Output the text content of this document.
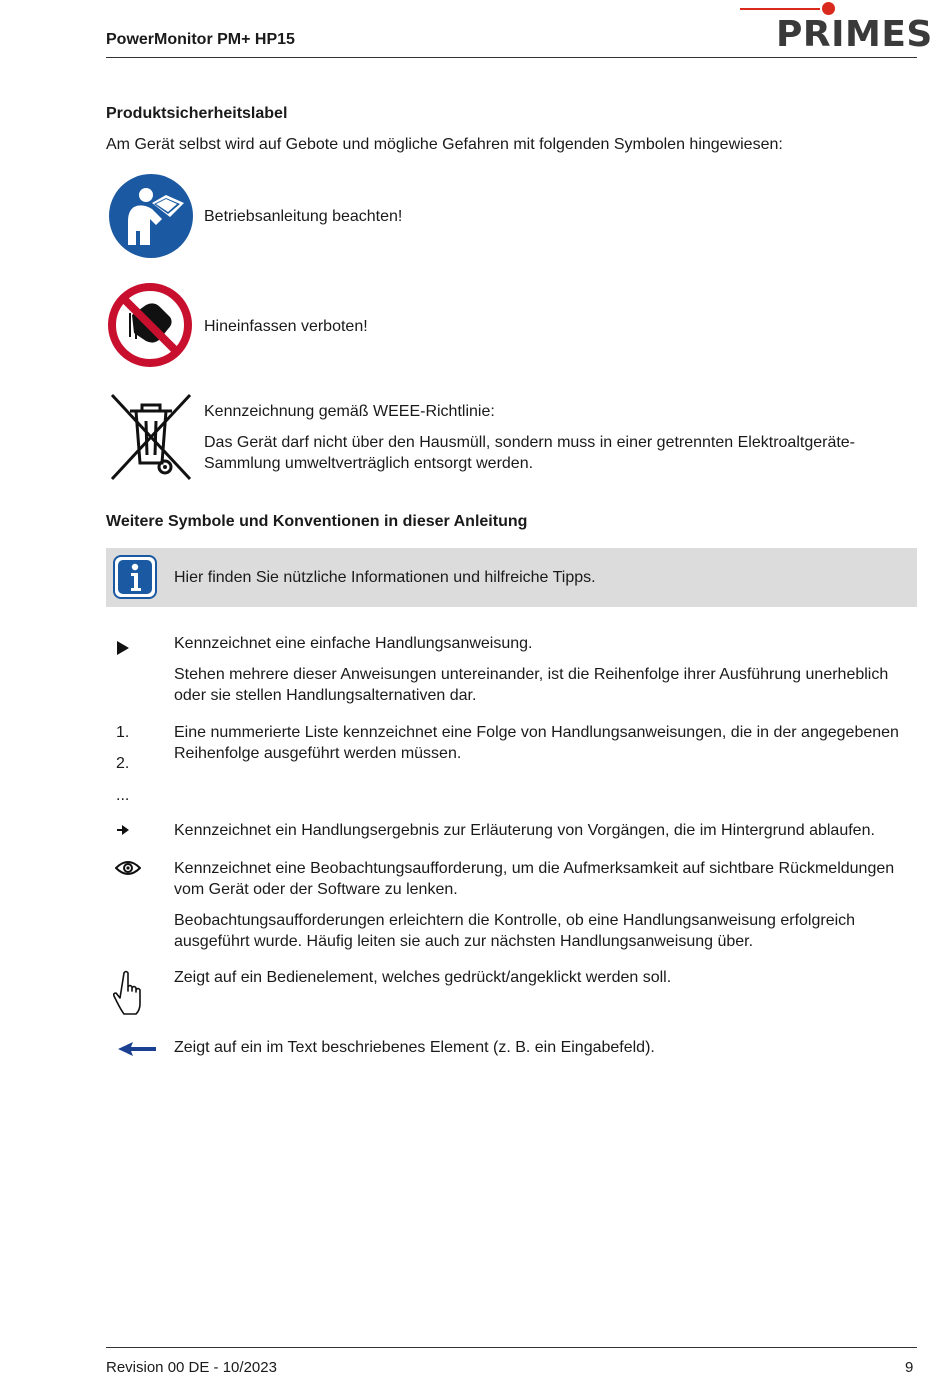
PowerMonitor PM+ HP15	PRIMES
Produktsicherheitslabel
Am Gerät selbst wird auf Gebote und mögliche Gefahren mit folgenden Symbolen hingewiesen:
Betriebsanleitung beachten!
Hineinfassen verboten!
Kennzeichnung gemäß WEEE-Richtlinie:
Das Gerät darf nicht über den Hausmüll, sondern muss in einer getrennten Elektroaltgeräte-Sammlung umweltverträglich entsorgt werden.
Weitere Symbole und Konventionen in dieser Anleitung
Hier finden Sie nützliche Informationen und hilfreiche Tipps.
Kennzeichnet eine einfache Handlungsanweisung.
Stehen mehrere dieser Anweisungen untereinander, ist die Reihenfolge ihrer Ausführung unerheblich oder sie stellen Handlungsalternativen dar.
1.
2.
...
Eine nummerierte Liste kennzeichnet eine Folge von Handlungsanweisungen, die in der angegebenen Reihenfolge ausgeführt werden müssen.
Kennzeichnet ein Handlungsergebnis zur Erläuterung von Vorgängen, die im Hintergrund ablaufen.
Kennzeichnet eine Beobachtungsaufforderung, um die Aufmerksamkeit auf sichtbare Rückmeldungen vom Gerät oder der Software zu lenken.
Beobachtungsaufforderungen erleichtern die Kontrolle, ob eine Handlungsanweisung erfolgreich ausgeführt wurde. Häufig leiten sie auch zur nächsten Handlungsanweisung über.
Zeigt auf ein Bedienelement, welches gedrückt/angeklickt werden soll.
Zeigt auf ein im Text beschriebenes Element (z. B. ein Eingabefeld).
Revision 00 DE - 10/2023	9
